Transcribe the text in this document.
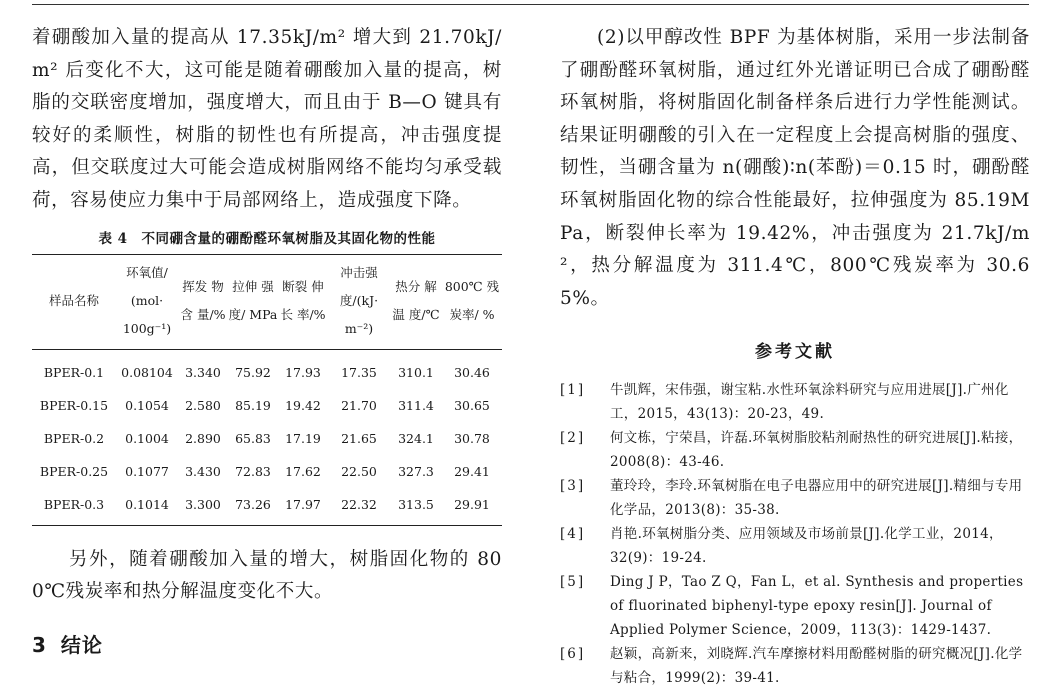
着硼酸加入量的提高从 17.35kJ/m² 增大到 21.70kJ/m² 后变化不大，这可能是随着硼酸加入量的提高，树脂的交联密度增加，强度增大，而且由于 B—O 键具有较好的柔顺性，树脂的韧性也有所提高，冲击强度提高，但交联度过大可能会造成树脂网络不能均匀承受载荷，容易使应力集中于局部网络上，造成强度下降。

表 4　不同硼含量的硼酚醛环氧树脂及其固化物的性能
样品名称	环氧值/ (mol· 100g⁻¹)	挥发 物含 量/%	拉伸 强度/ MPa	断裂 伸长 率/%	冲击强 度/(kJ· m⁻²)	热分 解温 度/℃	800℃ 残炭率/ %
BPER-0.1	0.08104	3.340	75.92	17.93	17.35	310.1	30.46
BPER-0.15	0.1054	2.580	85.19	19.42	21.70	311.4	30.65
BPER-0.2	0.1004	2.890	65.83	17.19	21.65	324.1	30.78
BPER-0.25	0.1077	3.430	72.83	17.62	22.50	327.3	29.41
BPER-0.3	0.1014	3.300	73.26	17.97	22.32	313.5	29.91

另外，随着硼酸加入量的增大，树脂固化物的 800℃残炭率和热分解温度变化不大。

3 结论

(2)以甲醇改性 BPF 为基体树脂，采用一步法制备了硼酚醛环氧树脂，通过红外光谱证明已合成了硼酚醛环氧树脂，将树脂固化制备样条后进行力学性能测试。结果证明硼酸的引入在一定程度上会提高树脂的强度、韧性，当硼含量为 n(硼酸)∶n(苯酚)＝0.15 时，硼酚醛环氧树脂固化物的综合性能最好，拉伸强度为 85.19MPa，断裂伸长率为 19.42%，冲击强度为 21.7kJ/m²，热分解温度为 311.4℃，800℃残炭率为 30.65%。

参考文献
[1]	牛凯辉，宋伟强，谢宝粘.水性环氧涂料研究与应用进展[J].广州化工，2015，43(13)：20-23，49.
[2]	何文栋，宁荣昌，许磊.环氧树脂胶粘剂耐热性的研究进展[J].粘接，2008(8)：43-46.
[3]	董玲玲，李玲.环氧树脂在电子电器应用中的研究进展[J].精细与专用化学品，2013(8)：35-38.
[4]	肖艳.环氧树脂分类、应用领域及市场前景[J].化学工业，2014，32(9)：19-24.
[5]	Ding J P，Tao Z Q，Fan L，et al. Synthesis and properties of fluorinated biphenyl-type epoxy resin[J]. Journal of Applied Polymer Science，2009，113(3)：1429-1437.
[6]	赵颖，高新来，刘晓辉.汽车摩擦材料用酚醛树脂的研究概况[J].化学与粘合，1999(2)：39-41.
